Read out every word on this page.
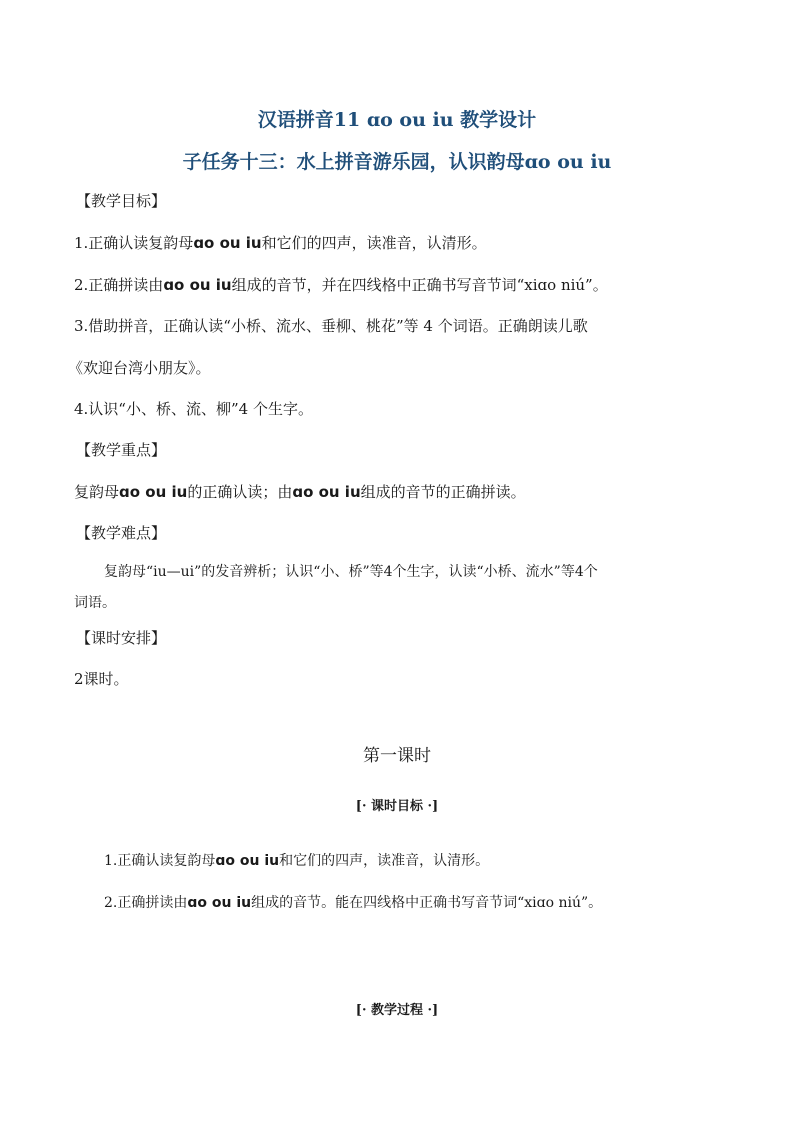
汉语拼音11 ɑo ou iu 教学设计
子任务十三：水上拼音游乐园，认识韵母ɑo ou iu
【教学目标】
1.正确认读复韵母ɑo ou iu和它们的四声，读准音，认清形。
2.正确拼读由ɑo ou iu组成的音节，并在四线格中正确书写音节词“xiɑo niú”。
3.借助拼音，正确认读“小桥、流水、垂柳、桃花”等 4 个词语。正确朗读儿歌
《欢迎台湾小朋友》。
4.认识“小、桥、流、柳”4 个生字。
【教学重点】
复韵母ɑo ou iu的正确认读；由ɑo ou iu组成的音节的正确拼读。
【教学难点】
复韵母“iu—ui”的发音辨析；认识“小、桥”等4个生字，认读“小桥、流水”等4个
词语。
【课时安排】
2课时。
第一课时
[· 课时目标 ·]
1.正确认读复韵母ɑo ou iu和它们的四声，读准音，认清形。
2.正确拼读由ɑo ou iu组成的音节。能在四线格中正确书写音节词“xiɑo niú”。
[· 教学过程 ·]
